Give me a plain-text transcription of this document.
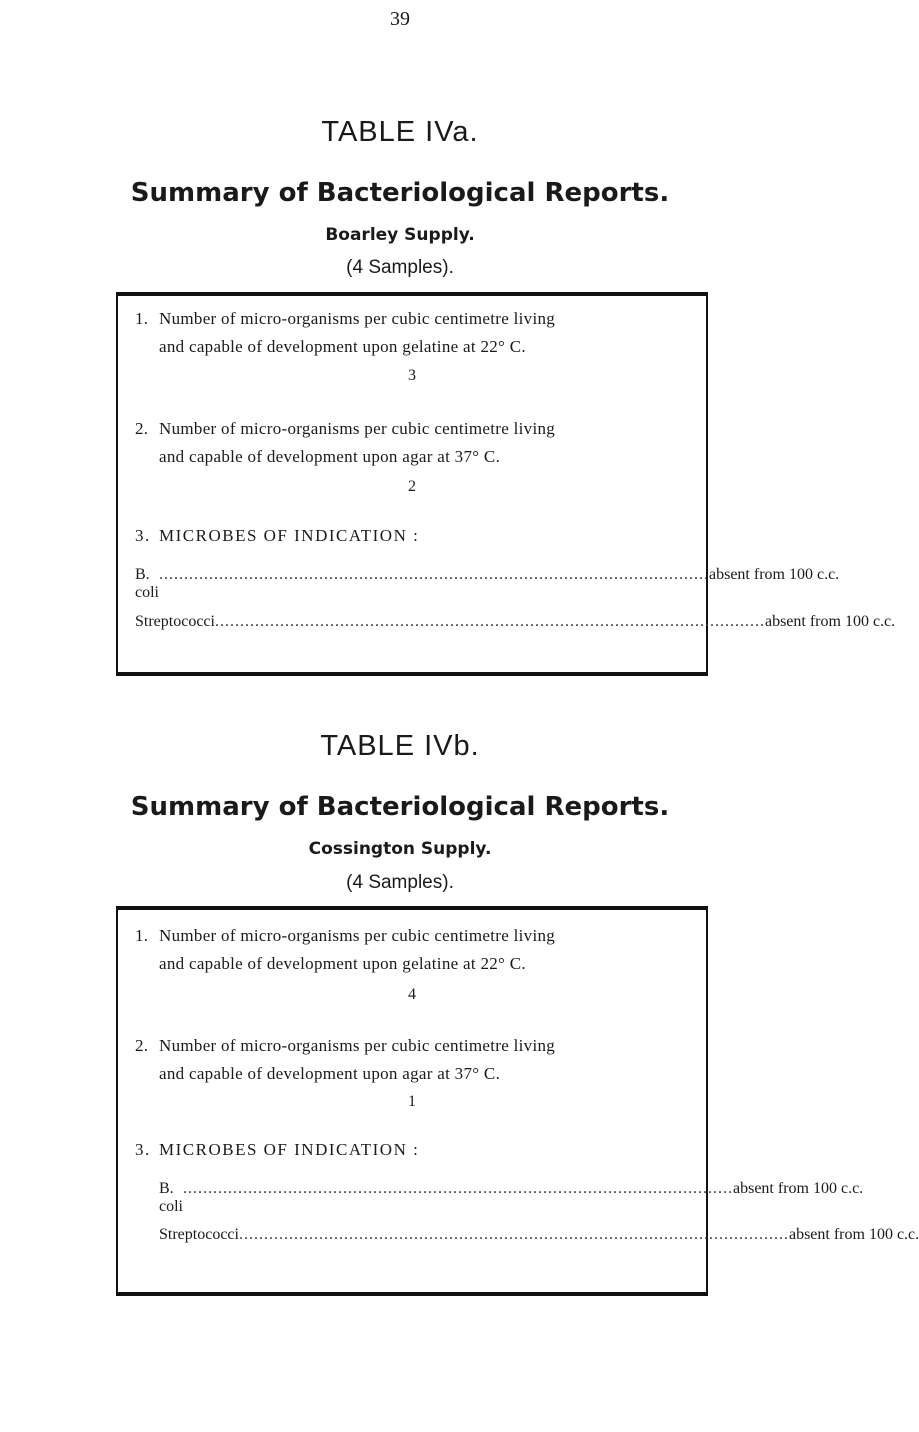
39
TABLE IVa.
Summary of Bacteriological Reports.
Boarley Supply.
(4 Samples).
1. Number of micro-organisms per cubic centimetre living
and capable of development upon gelatine at 22° C.
3
2. Number of micro-organisms per cubic centimetre living
and capable of development upon agar at 37° C.
2
3. MICROBES OF INDICATION :
B. coli
.............................................................................................................. absent from 100 c.c.
Streptococci .............................................................................................................. absent from 100 c.c.
TABLE IVb.
Summary of Bacteriological Reports.
Cossington Supply.
(4 Samples).
1. Number of micro-organisms per cubic centimetre living
and capable of development upon gelatine at 22° C.
4
2. Number of micro-organisms per cubic centimetre living
and capable of development upon agar at 37° C.
1
3. MICROBES OF INDICATION :
B. coli
.............................................................................................................. absent from 100 c.c.
Streptococci .............................................................................................................. absent from 100 c.c.
